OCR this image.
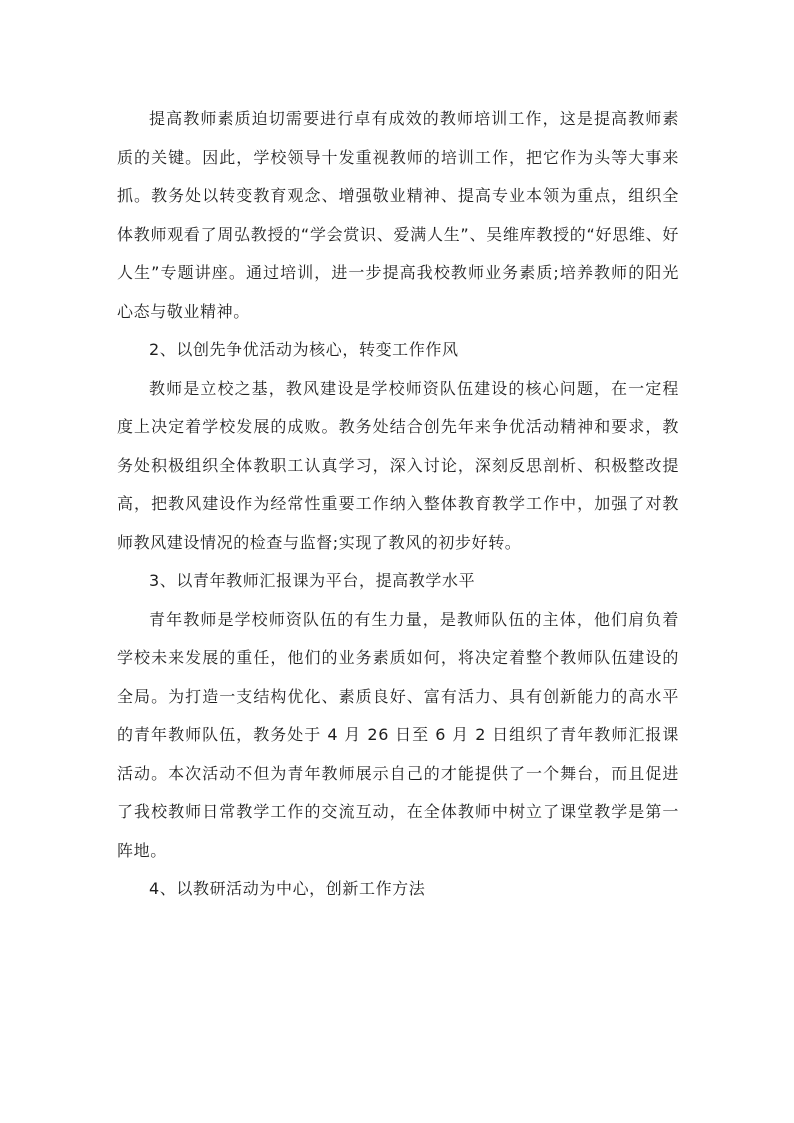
提高教师素质迫切需要进行卓有成效的教师培训工作，这是提高教师素质的关键。因此，学校领导十发重视教师的培训工作，把它作为头等大事来抓。教务处以转变教育观念、增强敬业精神、提高专业本领为重点，组织全体教师观看了周弘教授的“学会赏识、爱满人生”、吴维库教授的“好思维、好人生”专题讲座。通过培训，进一步提高我校教师业务素质;培养教师的阳光心态与敬业精神。

2、以创先争优活动为核心，转变工作作风

教师是立校之基，教风建设是学校师资队伍建设的核心问题，在一定程度上决定着学校发展的成败。教务处结合创先年来争优活动精神和要求，教务处积极组织全体教职工认真学习，深入讨论，深刻反思剖析、积极整改提高，把教风建设作为经常性重要工作纳入整体教育教学工作中，加强了对教师教风建设情况的检查与监督;实现了教风的初步好转。

3、以青年教师汇报课为平台，提高教学水平

青年教师是学校师资队伍的有生力量，是教师队伍的主体，他们肩负着学校未来发展的重任，他们的业务素质如何，将决定着整个教师队伍建设的全局。为打造一支结构优化、素质良好、富有活力、具有创新能力的高水平的青年教师队伍，教务处于 4 月 26 日至 6 月 2 日组织了青年教师汇报课活动。本次活动不但为青年教师展示自己的才能提供了一个舞台，而且促进了我校教师日常教学工作的交流互动，在全体教师中树立了课堂教学是第一阵地。

4、以教研活动为中心，创新工作方法
